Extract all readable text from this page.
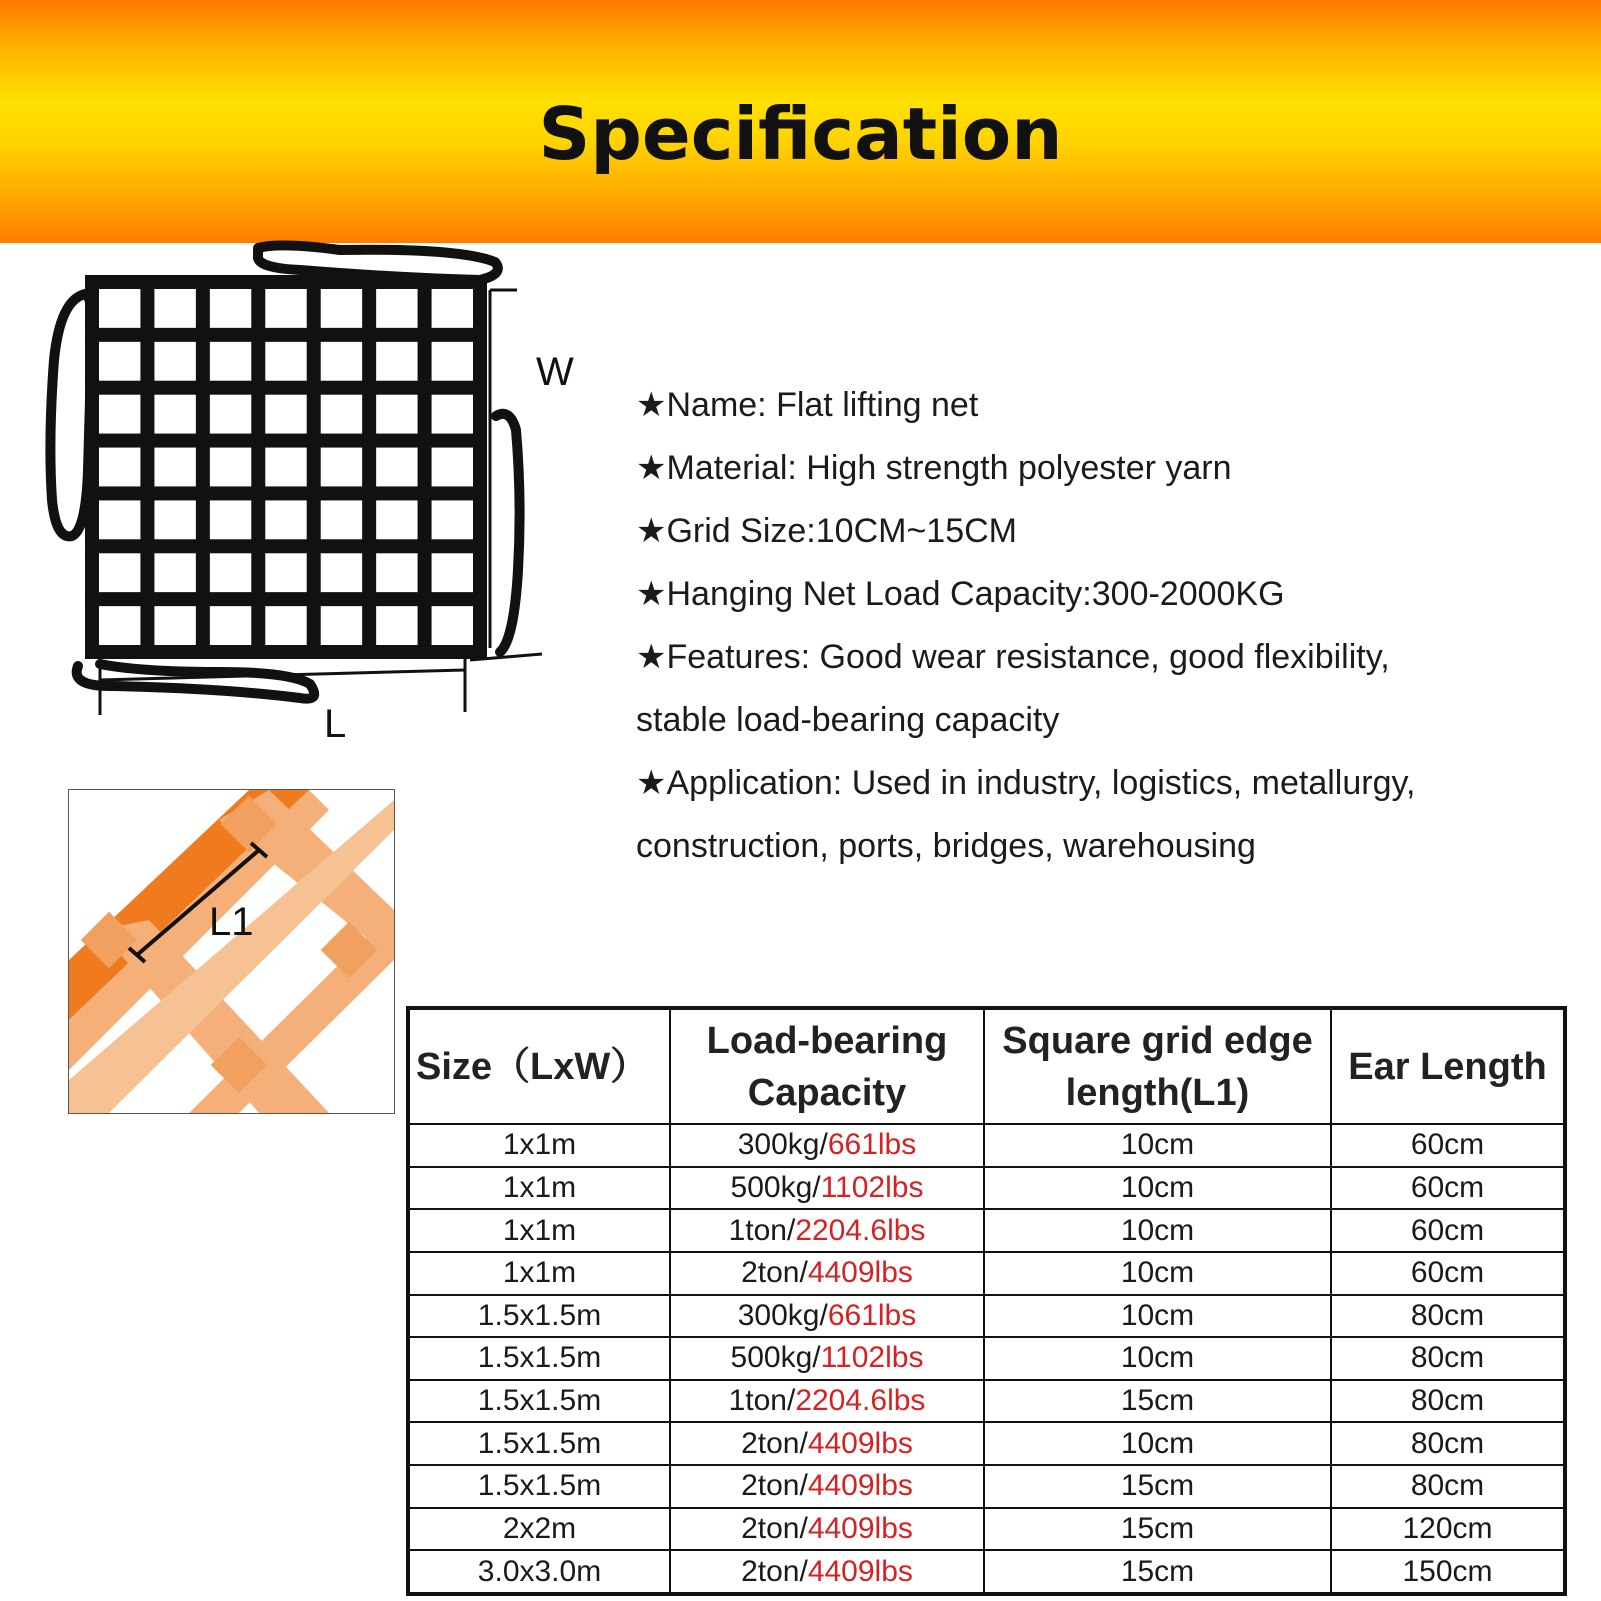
Specification
W
L
L1
★Name: Flat lifting net
★Material: High strength polyester yarn
★Grid Size:10CM~15CM
★Hanging Net Load Capacity:300-2000KG
★Features: Good wear resistance, good flexibility,
stable load-bearing capacity
★Application: Used in industry, logistics, metallurgy,
construction, ports, bridges, warehousing
Size（LxW）	Load-bearing Capacity	Square grid edge length(L1)	Ear Length
1x1m	300kg/661lbs	10cm	60cm
1x1m	500kg/1102lbs	10cm	60cm
1x1m	1ton/2204.6lbs	10cm	60cm
1x1m	2ton/4409lbs	10cm	60cm
1.5x1.5m	300kg/661lbs	10cm	80cm
1.5x1.5m	500kg/1102lbs	10cm	80cm
1.5x1.5m	1ton/2204.6lbs	15cm	80cm
1.5x1.5m	2ton/4409lbs	10cm	80cm
1.5x1.5m	2ton/4409lbs	15cm	80cm
2x2m	2ton/4409lbs	15cm	120cm
3.0x3.0m	2ton/4409lbs	15cm	150cm
